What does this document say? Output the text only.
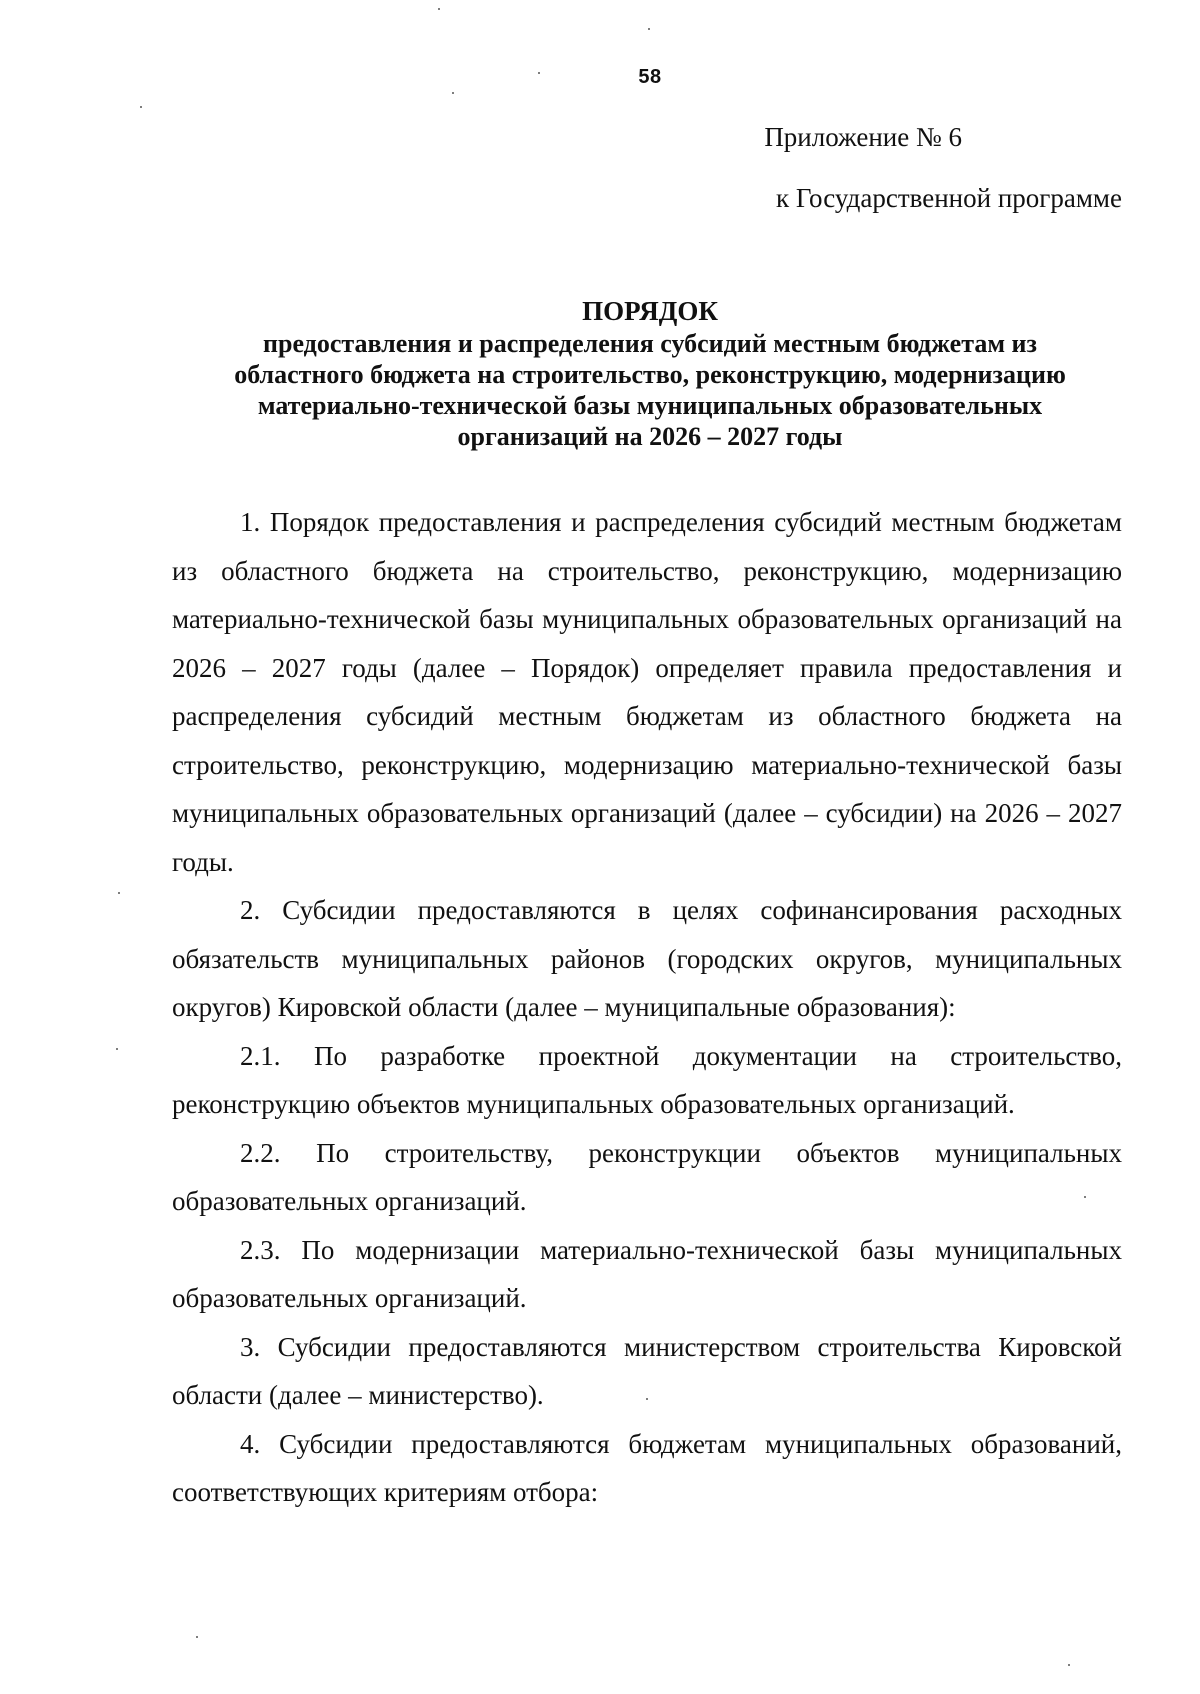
58
Приложение № 6
к Государственной программе

ПОРЯДОК

предоставления и распределения субсидий местным бюджетам из

областного бюджета на строительство, реконструкцию, модернизацию

материально-технической базы муниципальных образовательных

организаций на 2026 – 2027 годы

1. Порядок предоставления и распределения субсидий местным бюджетам из областного бюджета на строительство, реконструкцию, модернизацию материально-технической базы муниципальных образовательных организаций на 2026 – 2027 годы (далее – Порядок) определяет правила предоставления и распределения субсидий местным бюджетам из областного бюджета на строительство, реконструкцию, модернизацию материально-технической базы муниципальных образовательных организаций (далее – субсидии) на 2026 – 2027 годы.

2. Субсидии предоставляются в целях софинансирования расходных обязательств муниципальных районов (городских округов, муниципальных округов) Кировской области (далее – муниципальные образования):

2.1. По разработке проектной документации на строительство, реконструкцию объектов муниципальных образовательных организаций.

2.2. По строительству, реконструкции объектов муниципальных образовательных организаций.

2.3. По модернизации материально-технической базы муниципальных образовательных организаций.

3. Субсидии предоставляются министерством строительства Кировской области (далее – министерство).

4. Субсидии предоставляются бюджетам муниципальных образований, соответствующих критериям отбора:
